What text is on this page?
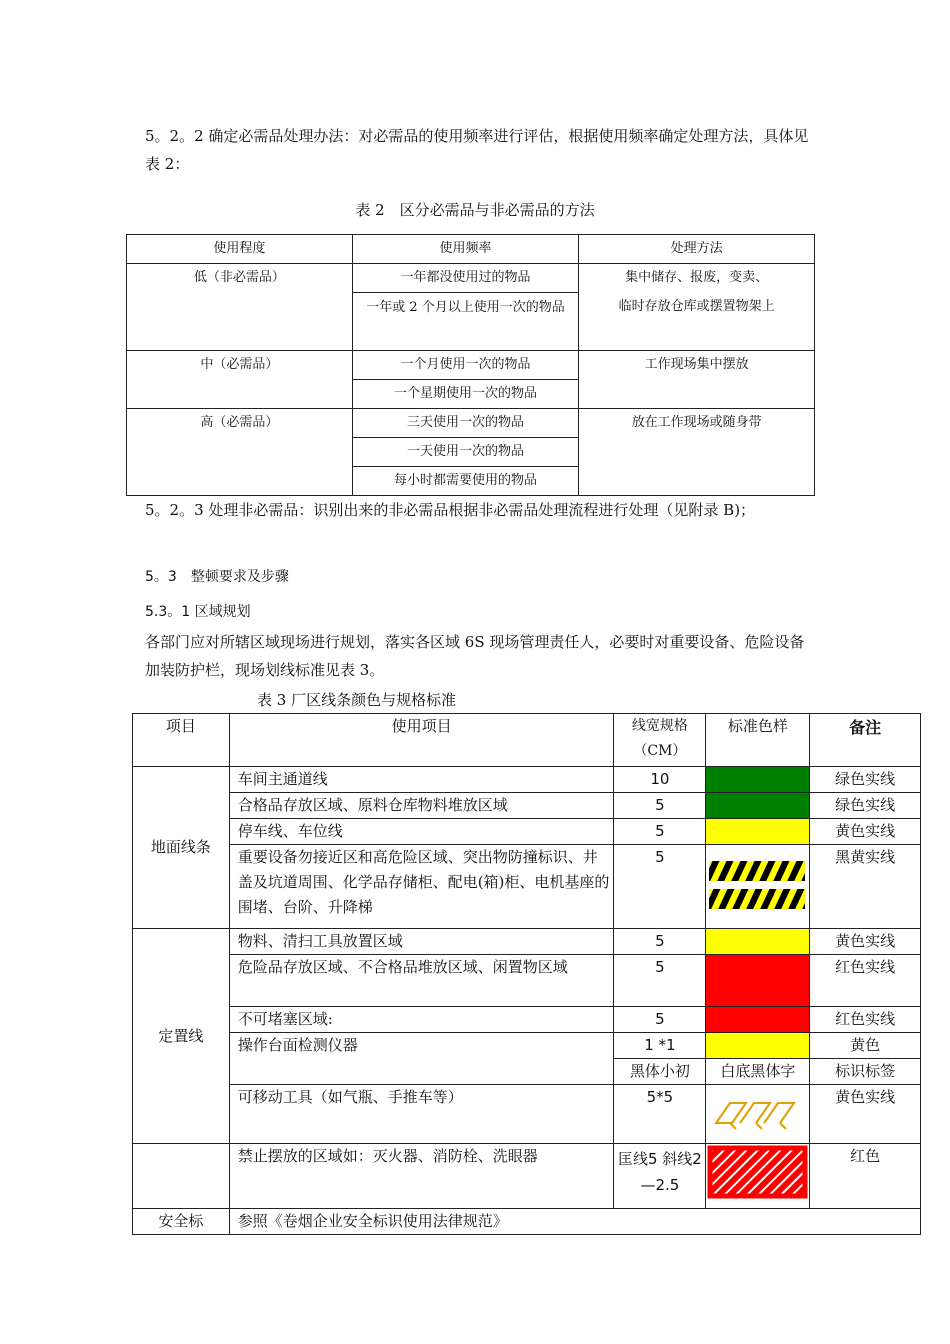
5。2。2 确定必需品处理办法：对必需品的使用频率进行评估，根据使用频率确定处理方法，具体见表 2：

表 2　区分必需品与非必需品的方法
使用程度	使用频率	处理方法
低（非必需品）	一年都没使用过的物品	集中储存、报废，变卖、
	一年或 2 个月以上使用一次的物品	临时存放仓库或摆置物架上
中（必需品）	一个月使用一次的物品	工作现场集中摆放
	一个星期使用一次的物品	
高（必需品）	三天使用一次的物品	放在工作现场或随身带
	一天使用一次的物品	
	每小时都需要使用的物品	

5。2。3 处理非必需品：识别出来的非必需品根据非必需品处理流程进行处理（见附录 B)；

5。3　整顿要求及步骤
5.3。1 区域规划

各部门应对所辖区域现场进行规划，落实各区域 6S 现场管理责任人，必要时对重要设备、危险设备加装防护栏，现场划线标准见表 3。

表 3 厂区线条颜色与规格标准
项目	使用项目	线宽规格（CM）	标准色样	备注
地面线条	车间主通道线	10		绿色实线
	合格品存放区域、原料仓库物料堆放区域	5		绿色实线
	停车线、车位线	5		黄色实线
	重要设备勿接近区和高危险区域、突出物防撞标识、井盖及坑道周围、化学品存储柜、配电(箱)柜、电机基座的围堵、台阶、升降梯	5		黑黄实线
定置线	物料、清扫工具放置区域	5		黄色实线
	危险品存放区域、不合格品堆放区域、闲置物区域	5		红色实线
	不可堵塞区域:	5		红色实线
	操作台面检测仪器	1 *1		黄色
		黑体小初	白底黑体字	标识标签
	可移动工具（如气瓶、手推车等）	5*5		黄色实线
	禁止摆放的区域如：灭火器、消防栓、洗眼器	匡线5 斜线2—2.5		红色
安全标	参照《卷烟企业安全标识使用法律规范》			
